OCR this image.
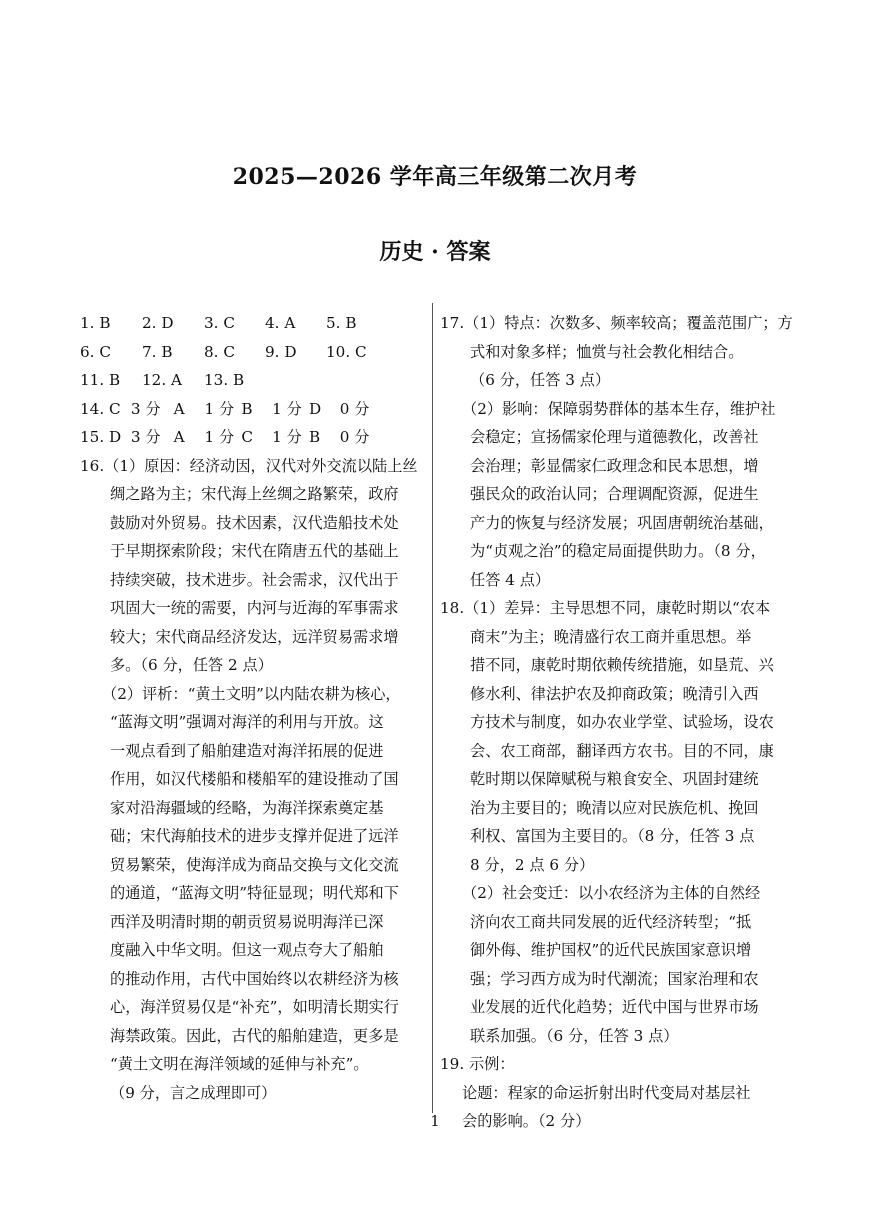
2025—2026 学年高三年级第二次月考
历史 · 答案
1. B	2. D	3. C	4. A	5. B
6. C	7. B	8. C	9. D	10. C
11. B	12. A	13. B
14. C 3 分 A 1 分 B 1 分 D 0 分
15. D 3 分 A 1 分 C 1 分 B 0 分
16.（1）原因：经济动因，汉代对外交流以陆上丝
绸之路为主；宋代海上丝绸之路繁荣，政府
鼓励对外贸易。技术因素，汉代造船技术处
于早期探索阶段；宋代在隋唐五代的基础上
持续突破，技术进步。社会需求，汉代出于
巩固大一统的需要，内河与近海的军事需求
较大；宋代商品经济发达，远洋贸易需求增
多。（6 分，任答 2 点）
（2）评析：“黄土文明”以内陆农耕为核心，
“蓝海文明”强调对海洋的利用与开放。这
一观点看到了船舶建造对海洋拓展的促进
作用，如汉代楼船和楼船军的建设推动了国
家对沿海疆域的经略，为海洋探索奠定基
础；宋代海舶技术的进步支撑并促进了远洋
贸易繁荣，使海洋成为商品交换与文化交流
的通道，“蓝海文明”特征显现；明代郑和下
西洋及明清时期的朝贡贸易说明海洋已深
度融入中华文明。但这一观点夸大了船舶
的推动作用，古代中国始终以农耕经济为核
心，海洋贸易仅是“补充”，如明清长期实行
海禁政策。因此，古代的船舶建造，更多是
“黄土文明在海洋领域的延伸与补充”。
（9 分，言之成理即可）
17.（1）特点：次数多、频率较高；覆盖范围广；方
式和对象多样；恤赏与社会教化相结合。
（6 分，任答 3 点）
（2）影响：保障弱势群体的基本生存，维护社
会稳定；宣扬儒家伦理与道德教化，改善社
会治理；彰显儒家仁政理念和民本思想，增
强民众的政治认同；合理调配资源，促进生
产力的恢复与经济发展；巩固唐朝统治基础，
为“贞观之治”的稳定局面提供助力。（8 分，
任答 4 点）
18.（1）差异：主导思想不同，康乾时期以“农本
商末”为主；晚清盛行农工商并重思想。举
措不同，康乾时期依赖传统措施，如垦荒、兴
修水利、律法护农及抑商政策；晚清引入西
方技术与制度，如办农业学堂、试验场，设农
会、农工商部，翻译西方农书。目的不同，康
乾时期以保障赋税与粮食安全、巩固封建统
治为主要目的；晚清以应对民族危机、挽回
利权、富国为主要目的。（8 分，任答 3 点
8 分，2 点 6 分）
（2）社会变迁：以小农经济为主体的自然经
济向农工商共同发展的近代经济转型；“抵
御外侮、维护国权”的近代民族国家意识增
强；学习西方成为时代潮流；国家治理和农
业发展的近代化趋势；近代中国与世界市场
联系加强。（6 分，任答 3 点）
19. 示例：
论题：程家的命运折射出时代变局对基层社
会的影响。（2 分）
1
